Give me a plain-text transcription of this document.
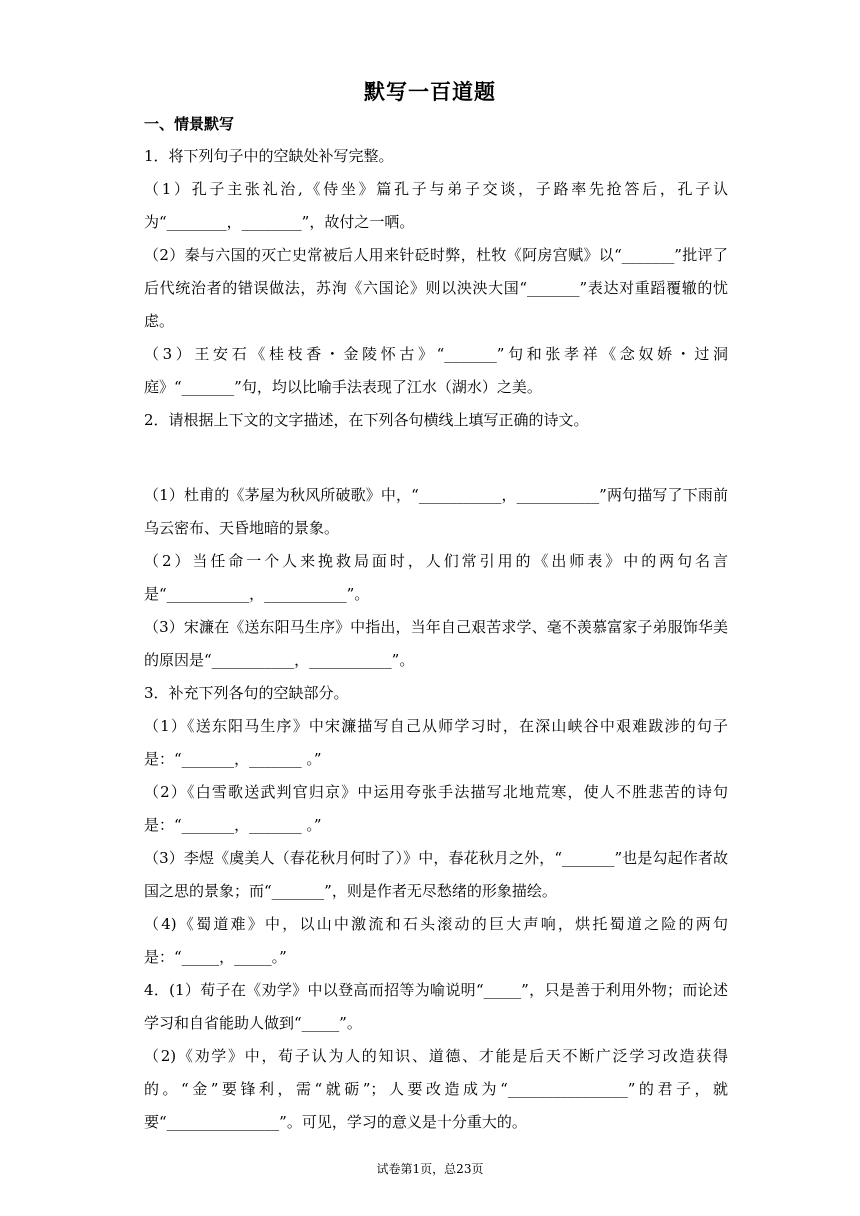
默写一百道题
一、情景默写

1．将下列句子中的空缺处补写完整。

（1）孔子主张礼治,《侍坐》篇孔子与弟子交谈，子路率先抢答后，孔子认为“________，________”，故付之一哂。

（2）秦与六国的灭亡史常被后人用来针砭时弊，杜牧《阿房宫赋》以“_______”批评了后代统治者的错误做法，苏洵《六国论》则以泱泱大国“_______”表达对重蹈覆辙的忧虑。

（3）王安石《桂枝香・金陵怀古》“_______”句和张孝祥《念奴娇・过洞庭》“_______”句，均以比喻手法表现了江水（湖水）之美。

2．请根据上下文的文字描述，在下列各句横线上填写正确的诗文。

（1）杜甫的《茅屋为秋风所破歌》中，“___________，___________”两句描写了下雨前乌云密布、天昏地暗的景象。

（2）当任命一个人来挽救局面时，人们常引用的《出师表》中的两句名言是“___________，___________”。

（3）宋濂在《送东阳马生序》中指出，当年自己艰苦求学、毫不羡慕富家子弟服饰华美的原因是“___________，___________”。

3．补充下列各句的空缺部分。

（1）《送东阳马生序》中宋濂描写自己从师学习时，在深山峡谷中艰难跋涉的句子是：“_______，_______ 。”

（2）《白雪歌送武判官归京》中运用夸张手法描写北地荒寒，使人不胜悲苦的诗句是：“_______，_______ 。”

（3）李煜《虞美人（春花秋月何时了）》中，春花秋月之外，“_______”也是勾起作者故国之思的景象；而“_______”，则是作者无尽愁绪的形象描绘。

（4)《蜀道难》中，以山中激流和石头滚动的巨大声响，烘托蜀道之险的两句是：“_____，_____。”

4．(1）荀子在《劝学》中以登高而招等为喻说明“_____”，只是善于利用外物；而论述学习和自省能助人做到“_____”。

（2)《劝学》中，荀子认为人的知识、道德、才能是后天不断广泛学习改造获得的。“金”要锋利，需“就砺”；人要改造成为“________________”的君子，就要“_______________”。可见，学习的意义是十分重大的。

试卷第1页，总23页
